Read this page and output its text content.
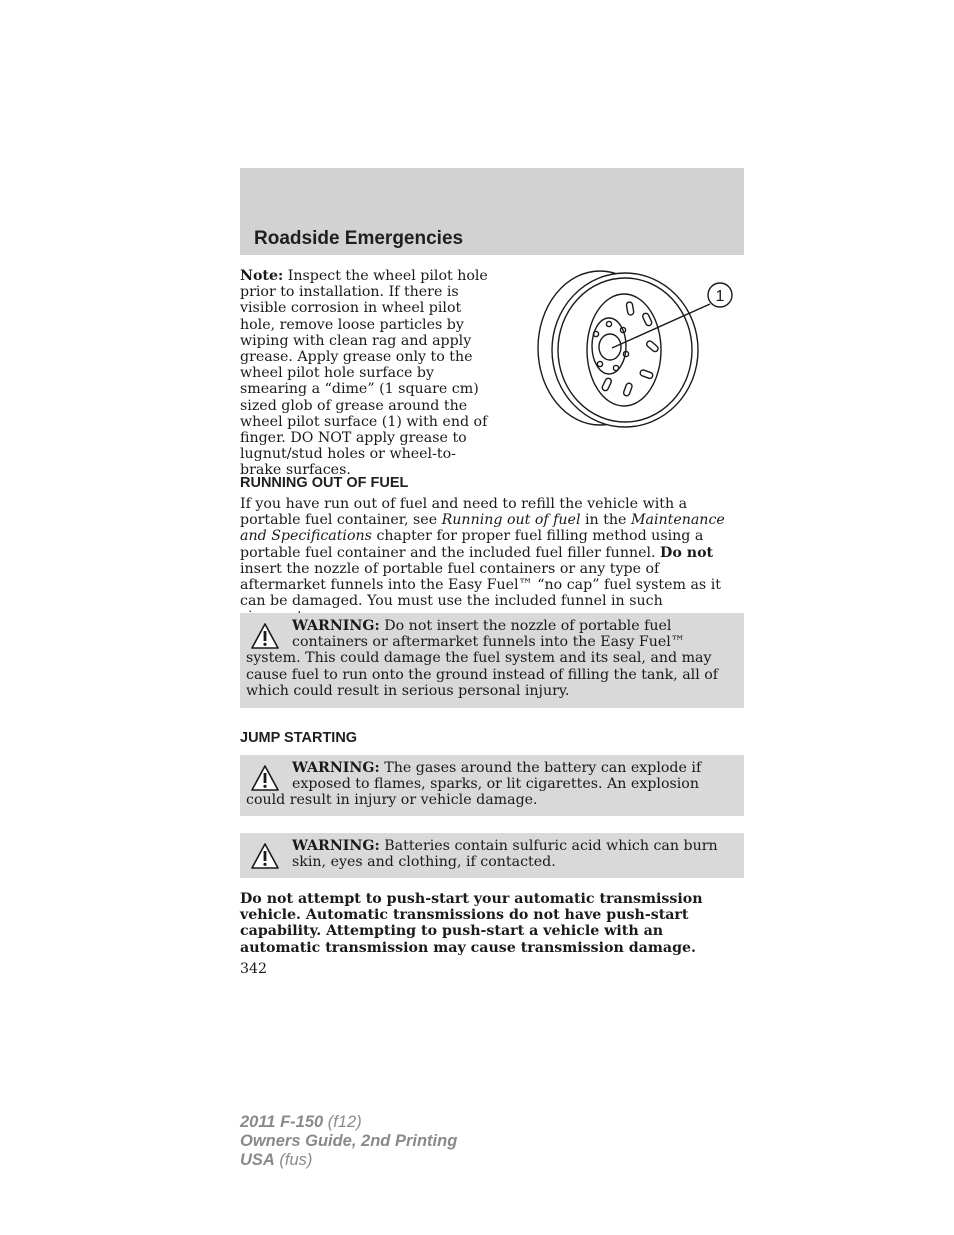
Roadside Emergencies
Note: Inspect the wheel pilot hole prior to installation. If there is visible corrosion in wheel pilot hole, remove loose particles by wiping with clean rag and apply grease. Apply grease only to the wheel pilot hole surface by smearing a “dime” (1 square cm) sized glob of grease around the wheel pilot surface (1) with end of finger. DO NOT apply grease to lugnut/stud holes or wheel-to-brake surfaces.
1
RUNNING OUT OF FUEL
If you have run out of fuel and need to refill the vehicle with a portable fuel container, see Running out of fuel in the Maintenance and Specifications chapter for proper fuel filling method using a portable fuel container and the included fuel filler funnel. Do not insert the nozzle of portable fuel containers or any type of aftermarket funnels into the Easy Fuel™ “no cap” fuel system as it can be damaged. You must use the included funnel in such

WARNING: Do not insert the nozzle of portable fuel containers or aftermarket funnels into the Easy Fuel™ system. This could damage the fuel system and its seal, and may cause fuel to run onto the ground instead of filling the tank, all of which could result in serious personal injury.

JUMP STARTING

WARNING: The gases around the battery can explode if exposed to flames, sparks, or lit cigarettes. An explosion could result in injury or vehicle damage.

WARNING: Batteries contain sulfuric acid which can burn skin, eyes and clothing, if contacted.

Do not attempt to push-start your automatic transmission vehicle. Automatic transmissions do not have push-start capability. Attempting to push-start a vehicle with an automatic transmission may cause transmission damage.
342
2011 F-150 (f12)
Owners Guide, 2nd Printing
USA (fus)
